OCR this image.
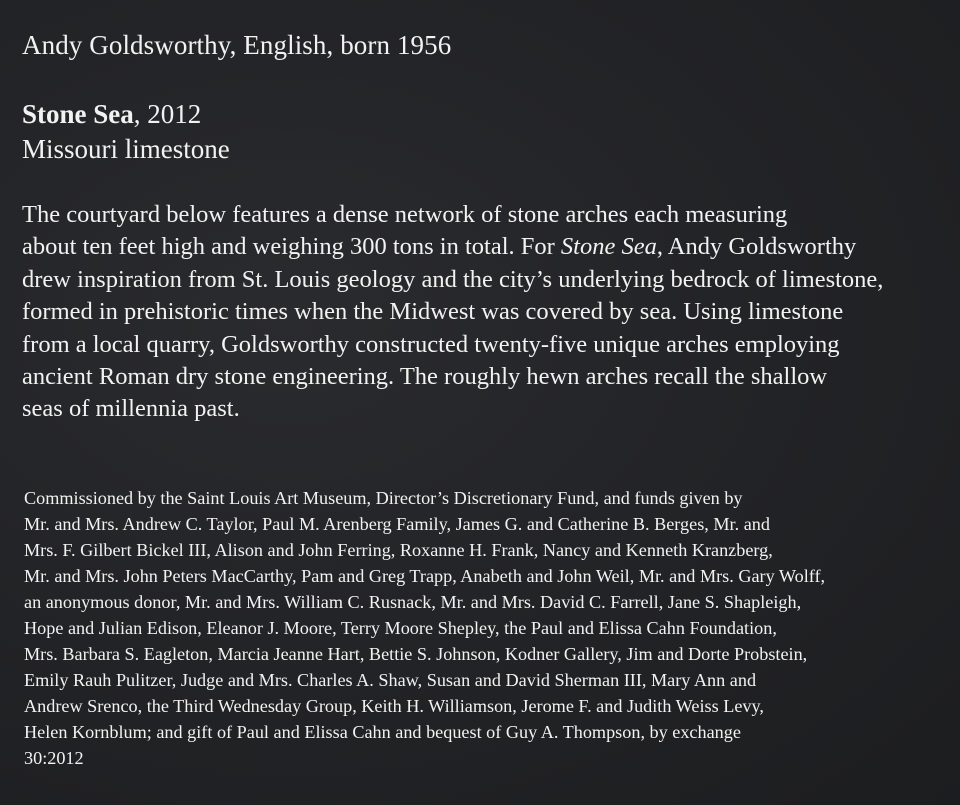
Andy Goldsworthy, English, born 1956

Stone Sea, 2012
Missouri limestone
The courtyard below features a dense network of stone arches each measuring
about ten feet high and weighing 300 tons in total. For Stone Sea, Andy Goldsworthy
drew inspiration from St. Louis geology and the city’s underlying bedrock of limestone,
formed in prehistoric times when the Midwest was covered by sea. Using limestone
from a local quarry, Goldsworthy constructed twenty-five unique arches employing
ancient Roman dry stone engineering. The roughly hewn arches recall the shallow
seas of millennia past.
Commissioned by the Saint Louis Art Museum, Director’s Discretionary Fund, and funds given by
Mr. and Mrs. Andrew C. Taylor, Paul M. Arenberg Family, James G. and Catherine B. Berges, Mr. and
Mrs. F. Gilbert Bickel III, Alison and John Ferring, Roxanne H. Frank, Nancy and Kenneth Kranzberg,
Mr. and Mrs. John Peters MacCarthy, Pam and Greg Trapp, Anabeth and John Weil, Mr. and Mrs. Gary Wolff,
an anonymous donor, Mr. and Mrs. William C. Rusnack, Mr. and Mrs. David C. Farrell, Jane S. Shapleigh,
Hope and Julian Edison, Eleanor J. Moore, Terry Moore Shepley, the Paul and Elissa Cahn Foundation,
Mrs. Barbara S. Eagleton, Marcia Jeanne Hart, Bettie S. Johnson, Kodner Gallery, Jim and Dorte Probstein,
Emily Rauh Pulitzer, Judge and Mrs. Charles A. Shaw, Susan and David Sherman III, Mary Ann and
Andrew Srenco, the Third Wednesday Group, Keith H. Williamson, Jerome F. and Judith Weiss Levy,
Helen Kornblum; and gift of Paul and Elissa Cahn and bequest of Guy A. Thompson, by exchange
30:2012
